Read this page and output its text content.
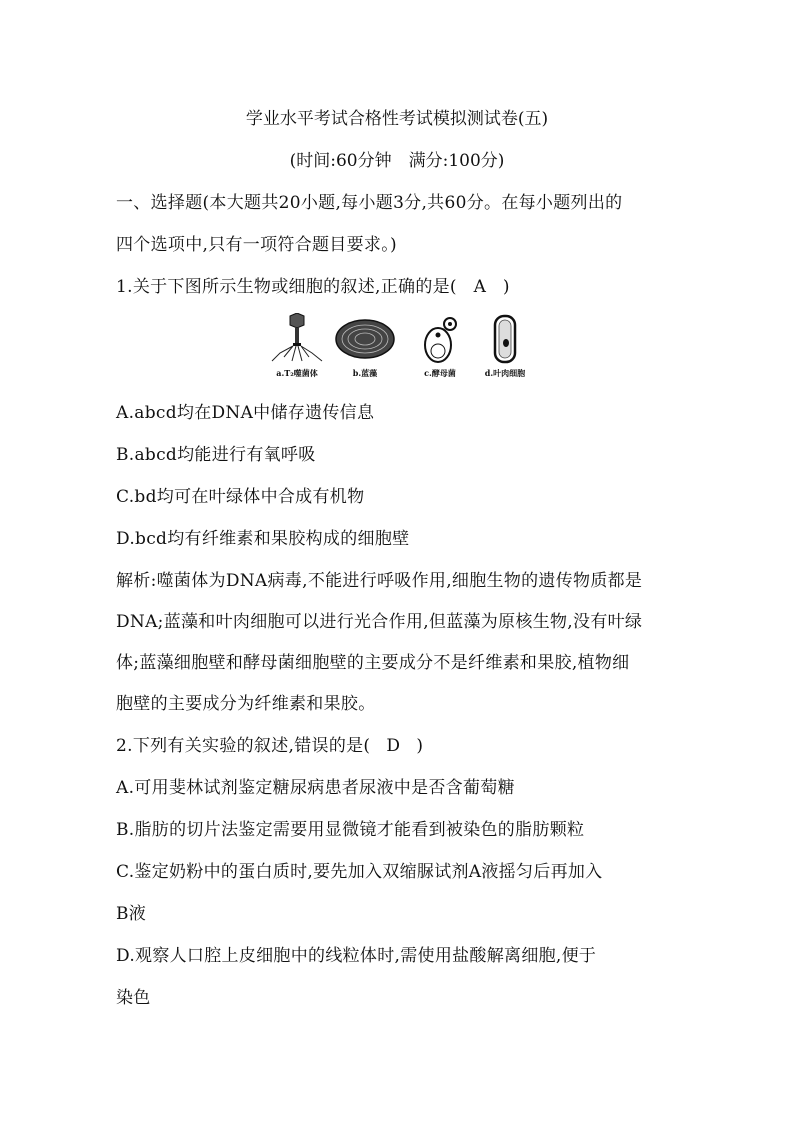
学业水平考试合格性考试模拟测试卷(五)
(时间:60分钟　满分:100分)
一、选择题(本大题共20小题,每小题3分,共60分。在每小题列出的
四个选项中,只有一项符合题目要求。)
1.关于下图所示生物或细胞的叙述,正确的是( A )
a.T₂噬菌体	b.蓝藻	c.酵母菌	d.叶肉细胞
A.abcd均在DNA中储存遗传信息
B.abcd均能进行有氧呼吸
C.bd均可在叶绿体中合成有机物
D.bcd均有纤维素和果胶构成的细胞壁
解析:噬菌体为DNA病毒,不能进行呼吸作用,细胞生物的遗传物质都是
DNA;蓝藻和叶肉细胞可以进行光合作用,但蓝藻为原核生物,没有叶绿
体;蓝藻细胞壁和酵母菌细胞壁的主要成分不是纤维素和果胶,植物细
胞壁的主要成分为纤维素和果胶。
2.下列有关实验的叙述,错误的是( D )
A.可用斐林试剂鉴定糖尿病患者尿液中是否含葡萄糖
B.脂肪的切片法鉴定需要用显微镜才能看到被染色的脂肪颗粒
C.鉴定奶粉中的蛋白质时,要先加入双缩脲试剂A液摇匀后再加入
B液
D.观察人口腔上皮细胞中的线粒体时,需使用盐酸解离细胞,便于
染色
